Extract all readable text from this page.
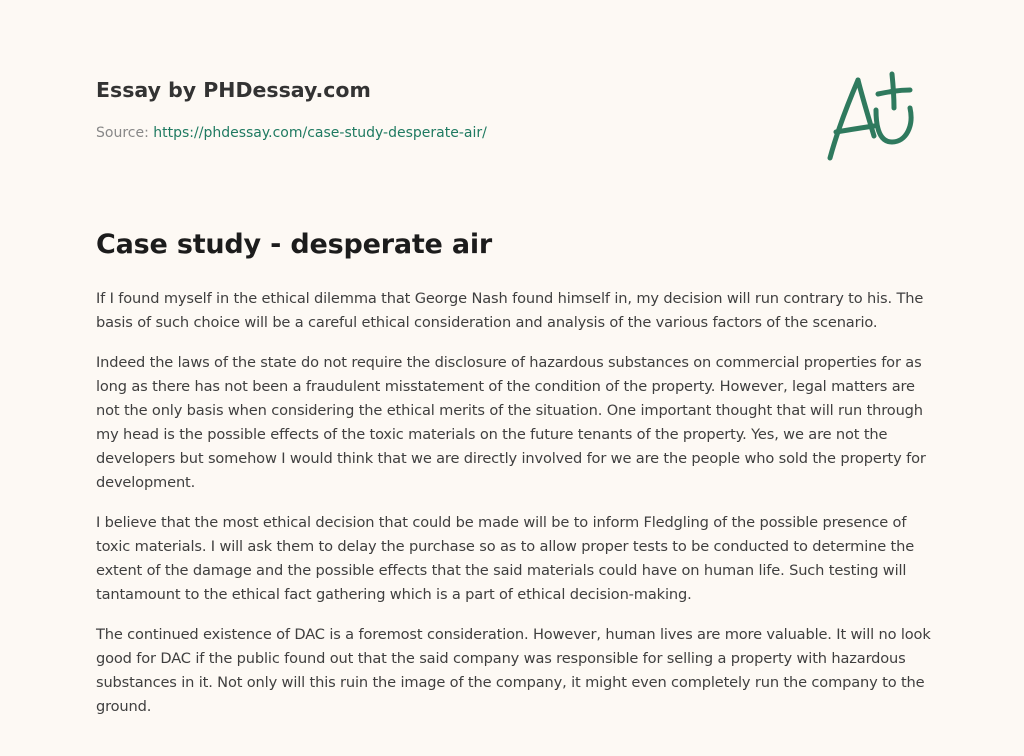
Essay by PHDessay.com
Source: https://phdessay.com/case-study-desperate-air/
Case study - desperate air

If I found myself in the ethical dilemma that George Nash found himself in, my decision will run contrary to his. The basis of such choice will be a careful ethical consideration and analysis of the various factors of the scenario.

Indeed the laws of the state do not require the disclosure of hazardous substances on commercial properties for as long as there has not been a fraudulent misstatement of the condition of the property. However, legal matters are not the only basis when considering the ethical merits of the situation. One important thought that will run through my head is the possible effects of the toxic materials on the future tenants of the property. Yes, we are not the developers but somehow I would think that we are directly involved for we are the people who sold the property for development.

I believe that the most ethical decision that could be made will be to inform Fledgling of the possible presence of toxic materials. I will ask them to delay the purchase so as to allow proper tests to be conducted to determine the extent of the damage and the possible effects that the said materials could have on human life. Such testing will tantamount to the ethical fact gathering which is a part of ethical decision-making.

The continued existence of DAC is a foremost consideration. However, human lives are more valuable. It will no look good for DAC if the public found out that the said company was responsible for selling a property with hazardous substances in it. Not only will this ruin the image of the company, it might even completely run the company to the ground.
